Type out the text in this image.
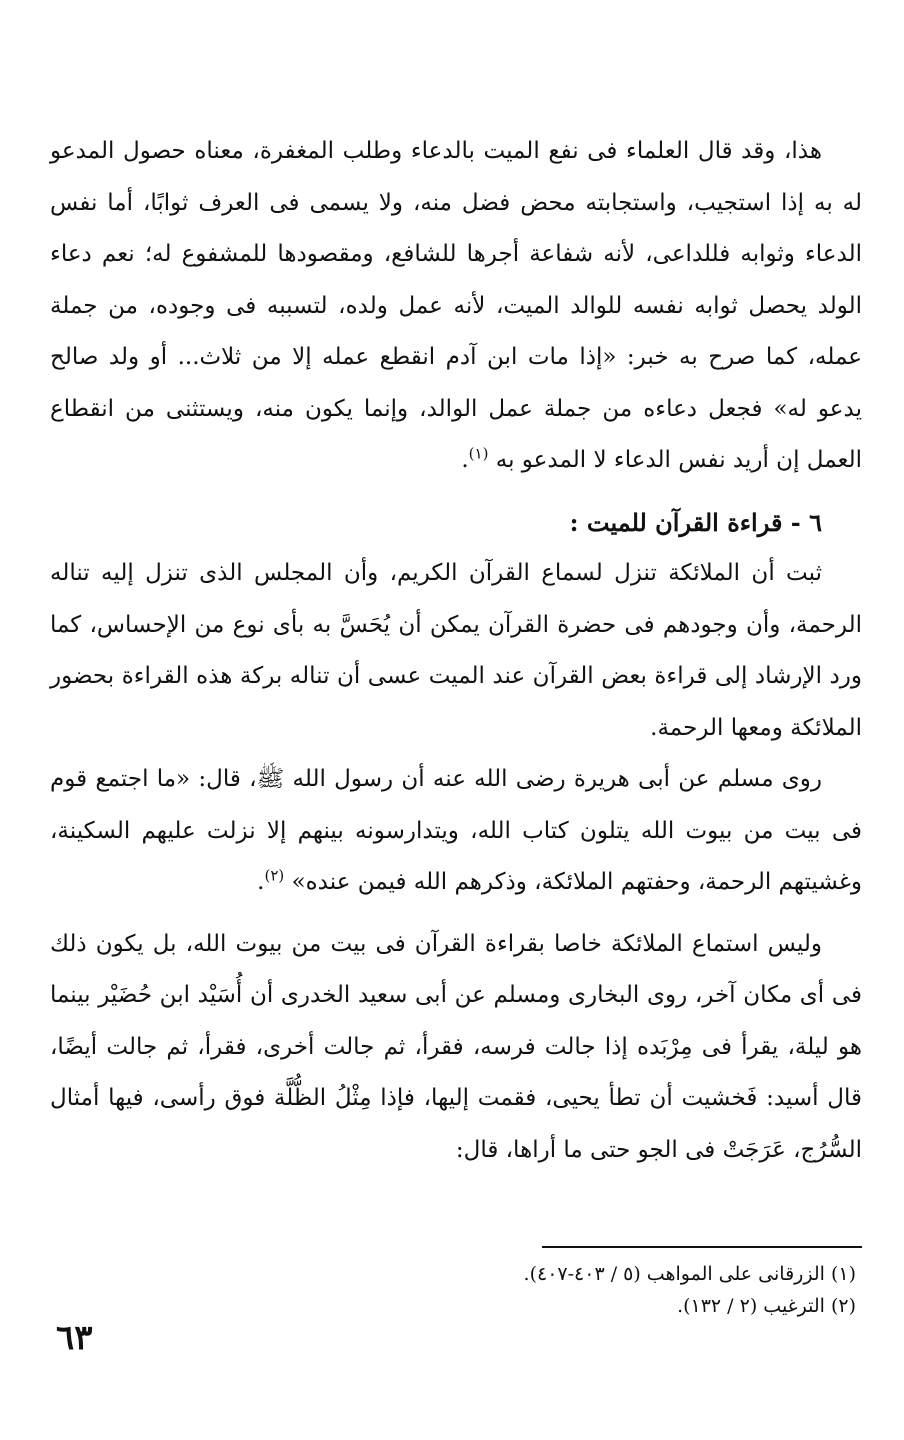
هذا، وقد قال العلماء فى نفع الميت بالدعاء وطلب المغفرة، معناه حصول المدعو له به إذا استجيب، واستجابته محض فضل منه، ولا يسمى فى العرف ثوابًا، أما نفس الدعاء وثوابه فللداعى، لأنه شفاعة أجرها للشافع، ومقصودها للمشفوع له؛ نعم دعاء الولد يحصل ثوابه نفسه للوالد الميت، لأنه عمل ولده، لتسببه فى وجوده، من جملة عمله، كما صرح به خبر: «إذا مات ابن آدم انقطع عمله إلا من ثلاث... أو ولد صالح يدعو له» فجعل دعاءه من جملة عمل الوالد، وإنما يكون منه، ويستثنى من انقطاع العمل إن أريد نفس الدعاء لا المدعو به $^{(١)}$.

٦ - قراءة القرآن للميت :

ثبت أن الملائكة تنزل لسماع القرآن الكريم، وأن المجلس الذى تنزل إليه تناله الرحمة، وأن وجودهم فى حضرة القرآن يمكن أن يُحَسَّ به بأى نوع من الإحساس، كما ورد الإرشاد إلى قراءة بعض القرآن عند الميت عسى أن تناله بركة هذه القراءة بحضور الملائكة ومعها الرحمة.

روى مسلم عن أبى هريرة رضى الله عنه أن رسول الله ﷺ، قال: «ما اجتمع قوم فى بيت من بيوت الله يتلون كتاب الله، ويتدارسونه بينهم إلا نزلت عليهم السكينة، وغشيتهم الرحمة، وحفتهم الملائكة، وذكرهم الله فيمن عنده» $^{(٢)}$.

وليس استماع الملائكة خاصا بقراءة القرآن فى بيت من بيوت الله، بل يكون ذلك فى أى مكان آخر، روى البخارى ومسلم عن أبى سعيد الخدرى أن أُسَيْد ابن حُضَيْر بينما هو ليلة، يقرأ فى مِرْبَده إذا جالت فرسه، فقرأ، ثم جالت أخرى، فقرأ، ثم جالت أيضًا، قال أسيد: فَخشيت أن تطأ يحيى، فقمت إليها، فإذا مِثْلُ الظُّلَّة فوق رأسى، فيها أمثال السُّرُج، عَرَجَتْ فى الجو حتى ما أراها، قال:

(١) الزرقانى على المواهب (٥ / ٤٠٣-٤٠٧).

(٢) الترغيب (٢ / ١٣٢).

٦٣
